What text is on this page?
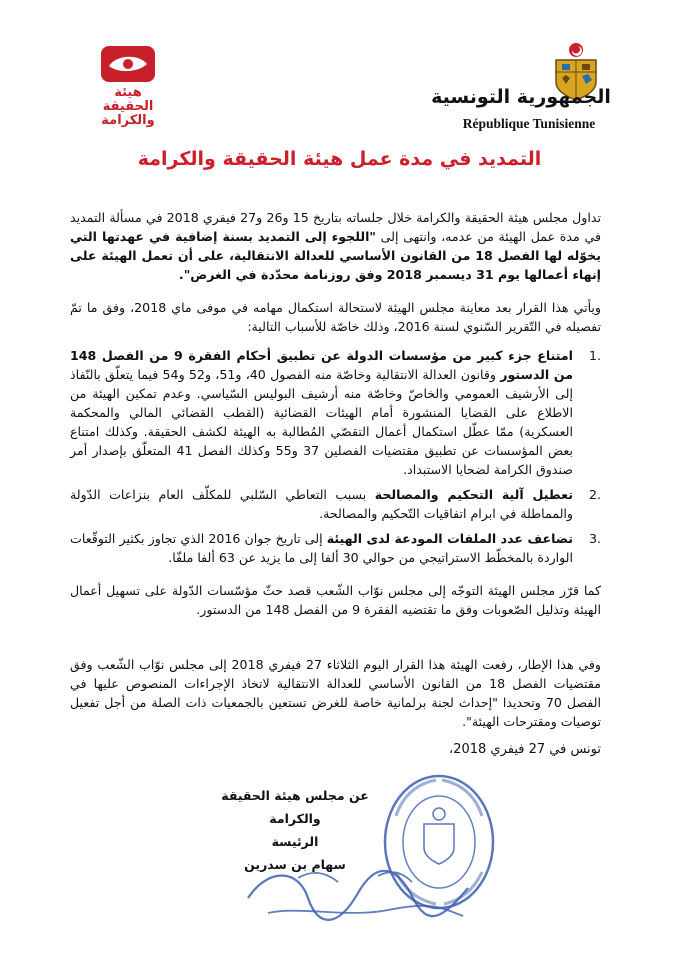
هيئة
الحقيقة
والكرامة
الجمهورية التونسية
République Tunisienne
التمديد في مدة عمل هيئة الحقيقة والكرامة

تداول مجلس هيئة الحقيقة والكرامة خلال جلساته بتاريخ 15 و26 و27 فيفري 2018 في مسألة التمديد في مدة عمل الهيئة من عدمه، وانتهى إلى "اللجوء إلى التمديد بسنة إضافية في عهدتها التي يخوّله لها الفصل 18 من القانون الأساسي للعدالة الانتقالية، على أن تعمل الهيئة على إنهاء أعمالها يوم 31 ديسمبر 2018 وفق روزنامة محدّدة في الغرض".

ويأتي هذا القرار بعد معاينة مجلس الهيئة لاستحالة استكمال مهامه في موفى ماي 2018، وفق ما تمّ تفصيله في التّقرير السّنوي لسنة 2016، وذلك خاصّة للأسباب التالية:

.1
امتناع جزء كبير من مؤسسات الدولة عن تطبيق أحكام الفقرة 9 من الفصل 148 من الدستور وقانون العدالة الانتقالية وخاصّة منه الفصول 40، و51، و52 و54 فيما يتعلّق بالنّفاذ إلى الأرشيف العمومي والخاصّ وخاصّة منه أرشيف البوليس السّياسي. وعدم تمكين الهيئة من الاطلاع على القضايا المنشورة أمام الهيئات القضائية (القطب القضائي المالي والمحكمة العسكرية) ممّا عطّل استكمال أعمال التقصّي المُطالبة به الهيئة لكشف الحقيقة. وكذلك امتناع بعض المؤسسات عن تطبيق مقتضيات الفصلين 37 و55 وكذلك الفصل 41 المتعلّق بإصدار أمر صندوق الكرامة لضحايا الاستبداد.
.2
تعطيل آلية التحكيم والمصالحة بسبب التعاطي السّلبي للمكلّف العام بنزاعات الدّولة والمماطلة في ابرام اتفاقيات التّحكيم والمصالحة.
.3
تضاعف عدد الملفات المودعة لدى الهيئة إلى تاريخ جوان 2016 الذي تجاوز بكثير التوقّعات الواردة بالمخطّط الاستراتيجي من حوالي 30 ألفا إلى ما يزيد عن 63 ألفا ملفّا.

كما قرّر مجلس الهيئة التوجّه إلى مجلس نوّاب الشّعب قصد حثّ مؤسّسات الدّولة على تسهيل أعمال الهيئة وتذليل الصّعوبات وفق ما تقتضيه الفقرة 9 من الفصل 148 من الدستور.

وفي هذا الإطار، رفعت الهيئة هذا القرار اليوم الثلاثاء 27 فيفري 2018 إلى مجلس نوّاب الشّعب وفق مقتضيات الفصل 18 من القانون الأساسي للعدالة الانتقالية لاتخاذ الإجراءات المنصوص عليها في الفصل 70 وتحديدا "إحداث لجنة برلمانية خاصة للغرض تستعين بالجمعيات ذات الصلة من أجل تفعيل توصيات ومقترحات الهيئة".

تونس في 27 فيفري 2018،
عن مجلس هيئة الحقيقة والكرامة
الرئيسة
سهام بن سدرين
